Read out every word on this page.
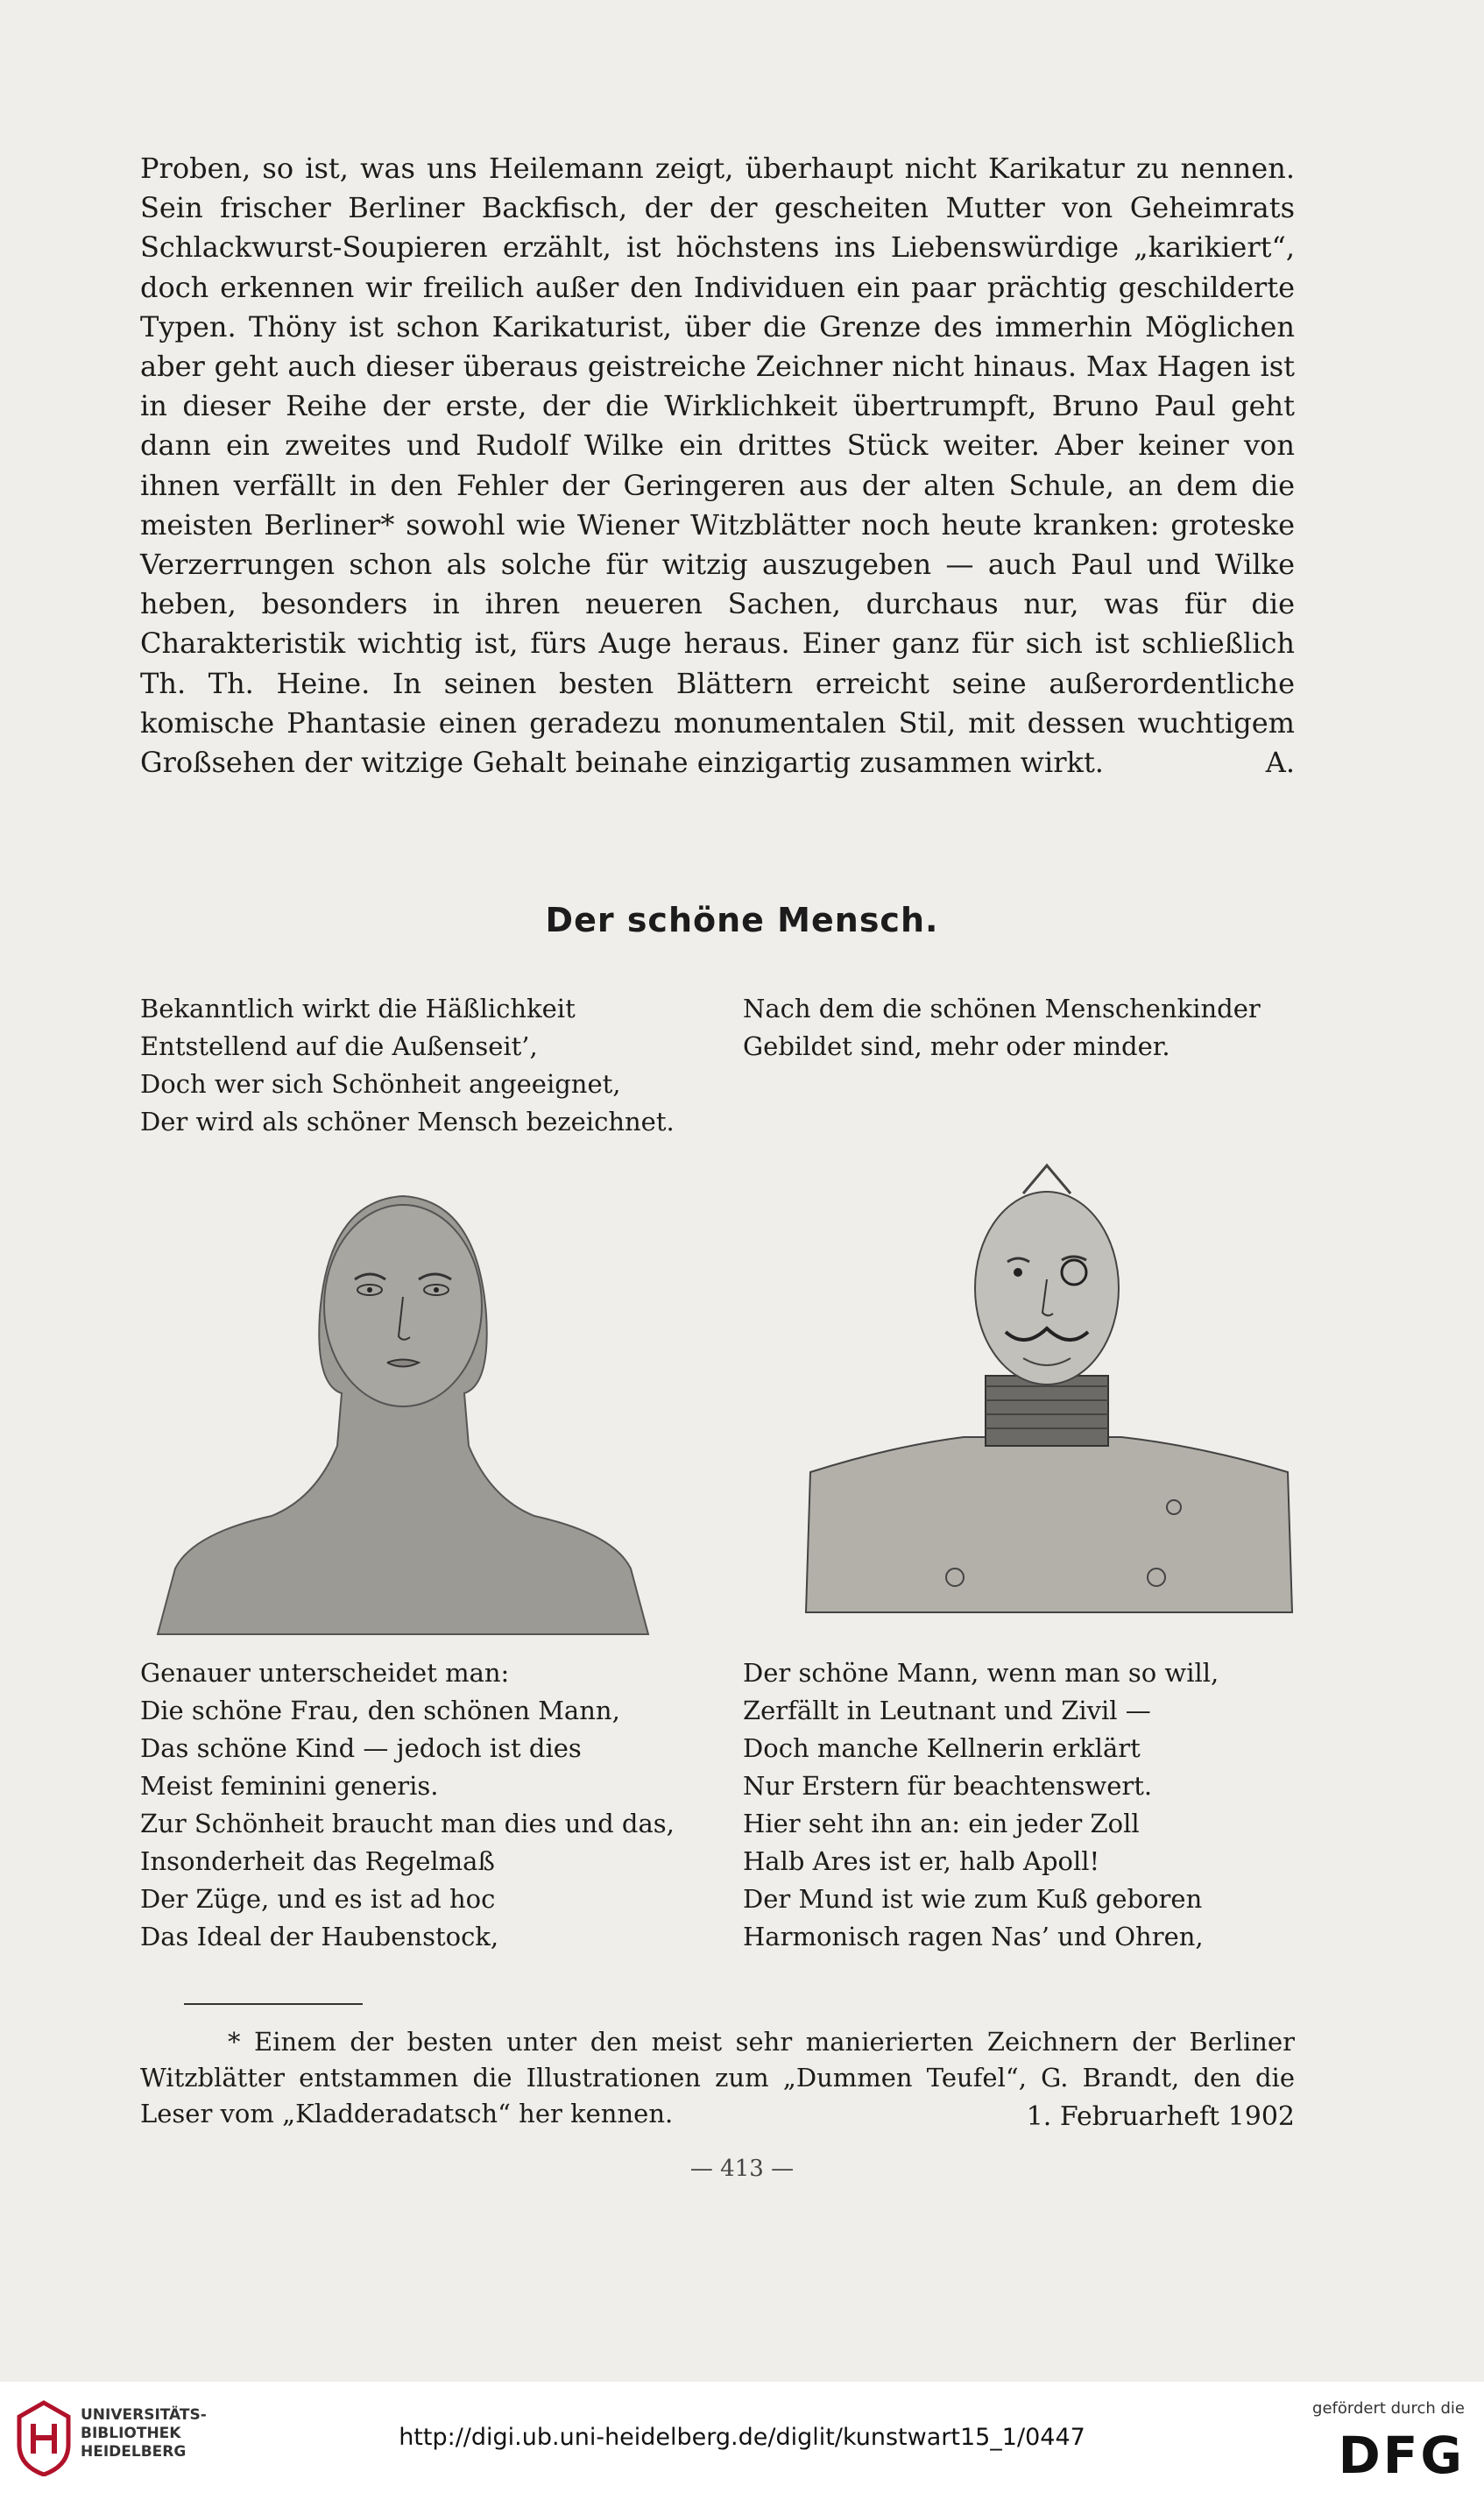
Proben, so ist, was uns Heilemann zeigt, überhaupt nicht Karikatur zu nennen. Sein frischer Berliner Backfisch, der der gescheiten Mutter von Geheimrats Schlackwurst-Soupieren erzählt, ist höchstens ins Liebenswürdige „karikiert“, doch erkennen wir freilich außer den Individuen ein paar prächtig geschilderte Typen. Thöny ist schon Karikaturist, über die Grenze des immerhin Möglichen aber geht auch dieser überaus geistreiche Zeichner nicht hinaus. Max Hagen ist in dieser Reihe der erste, der die Wirklichkeit übertrumpft, Bruno Paul geht dann ein zweites und Rudolf Wilke ein drittes Stück weiter. Aber keiner von ihnen verfällt in den Fehler der Geringeren aus der alten Schule, an dem die meisten Berliner* sowohl wie Wiener Witzblätter noch heute kranken: groteske Verzerrungen schon als solche für witzig auszugeben — auch Paul und Wilke heben, besonders in ihren neueren Sachen, durchaus nur, was für die Charakteristik wichtig ist, fürs Auge heraus. Einer ganz für sich ist schließlich Th. Th. Heine. In seinen besten Blättern erreicht seine außerordentliche komische Phantasie einen geradezu monumentalen Stil, mit dessen wuchtigem Großsehen der witzige Gehalt beinahe einzigartig zusammen wirkt.	A.

Der schöne Mensch.
Bekanntlich wirkt die Häßlichkeit
Entstellend auf die Außenseit’,
Doch wer sich Schönheit angeeignet,
Der wird als schöner Mensch bezeichnet.
Nach dem die schönen Menschenkinder
Gebildet sind, mehr oder minder.
Genauer unterscheidet man:
Die schöne Frau, den schönen Mann,
Das schöne Kind — jedoch ist dies
Meist feminini generis.
Zur Schönheit braucht man dies und das,
Insonderheit das Regelmaß
Der Züge, und es ist ad hoc
Das Ideal der Haubenstock,
Der schöne Mann, wenn man so will,
Zerfällt in Leutnant und Zivil —
Doch manche Kellnerin erklärt
Nur Erstern für beachtenswert.
Hier seht ihn an: ein jeder Zoll
Halb Ares ist er, halb Apoll!
Der Mund ist wie zum Kuß geboren
Harmonisch ragen Nas’ und Ohren,

* Einem der besten unter den meist sehr manierierten Zeichnern der Berliner Witzblätter entstammen die Illustrationen zum „Dummen Teufel“, G. Brandt, den die Leser vom „Kladderadatsch“ her kennen.	1. Februarheft 1902
— 413 —
UNIVERSITÄTS-
BIBLIOTHEK
HEIDELBERG
http://digi.ub.uni-heidelberg.de/diglit/kunstwart15_1/0447
gefördert durch die
DFG
